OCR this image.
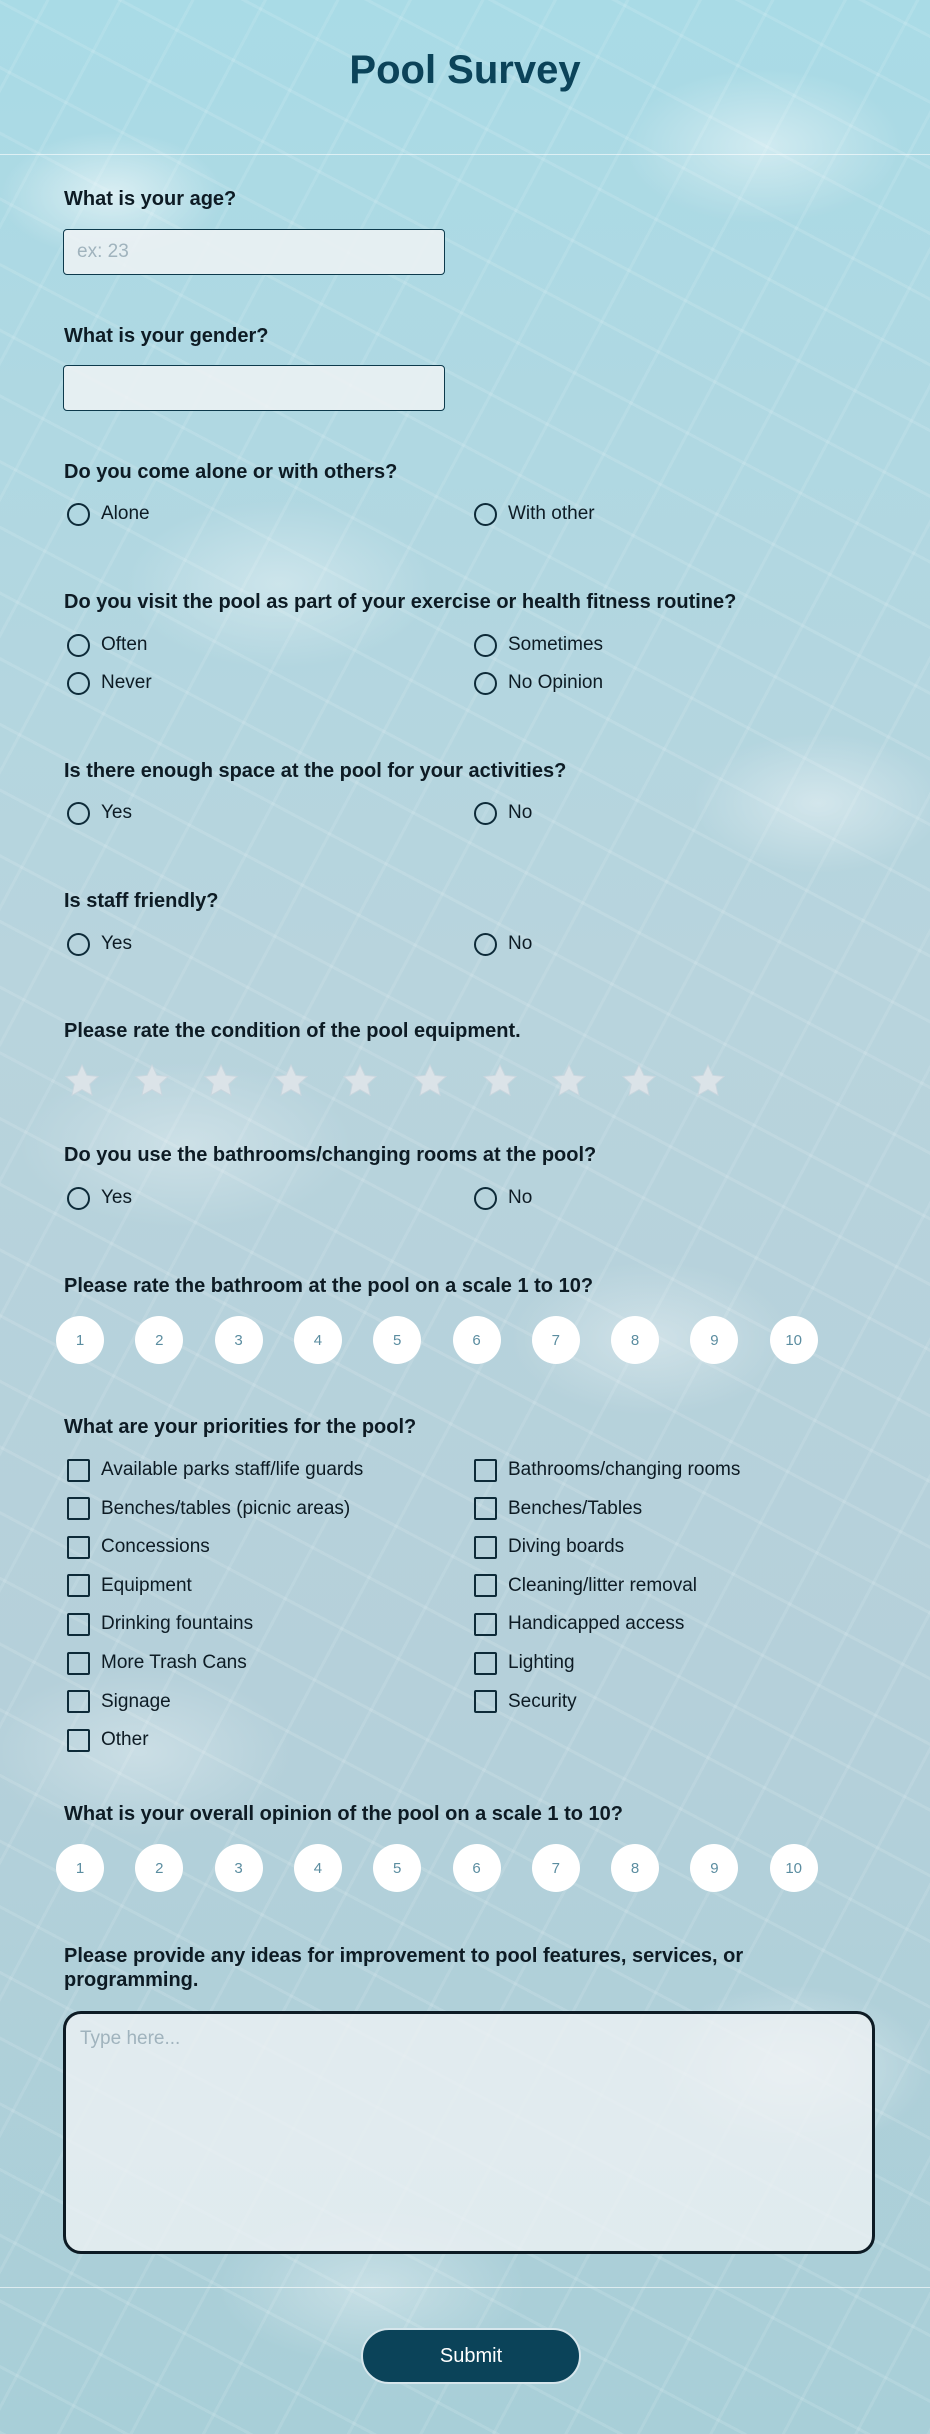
Pool Survey

What is your age?

ex: 23

What is your gender?

Do you come alone or with others?

Alone	With other

Do you visit the pool as part of your exercise or health fitness routine?

Often	Sometimes
Never	No Opinion

Is there enough space at the pool for your activities?

Yes	No

Is staff friendly?

Yes	No

Please rate the condition of the pool equipment.

Do you use the bathrooms/changing rooms at the pool?

Yes	No

Please rate the bathroom at the pool on a scale 1 to 10?

1	2	3	4	5	6	7	8	9	10

What are your priorities for the pool?

Available parks staff/life guards
Benches/tables (picnic areas)
Concessions
Equipment
Drinking fountains
More Trash Cans
Signage
Other
Bathrooms/changing rooms
Benches/Tables
Diving boards
Cleaning/litter removal
Handicapped access
Lighting
Security

What is your overall opinion of the pool on a scale 1 to 10?

1	2	3	4	5	6	7	8	9	10

Please provide any ideas for improvement to pool features, services, or programming.

Type here...
Submit
